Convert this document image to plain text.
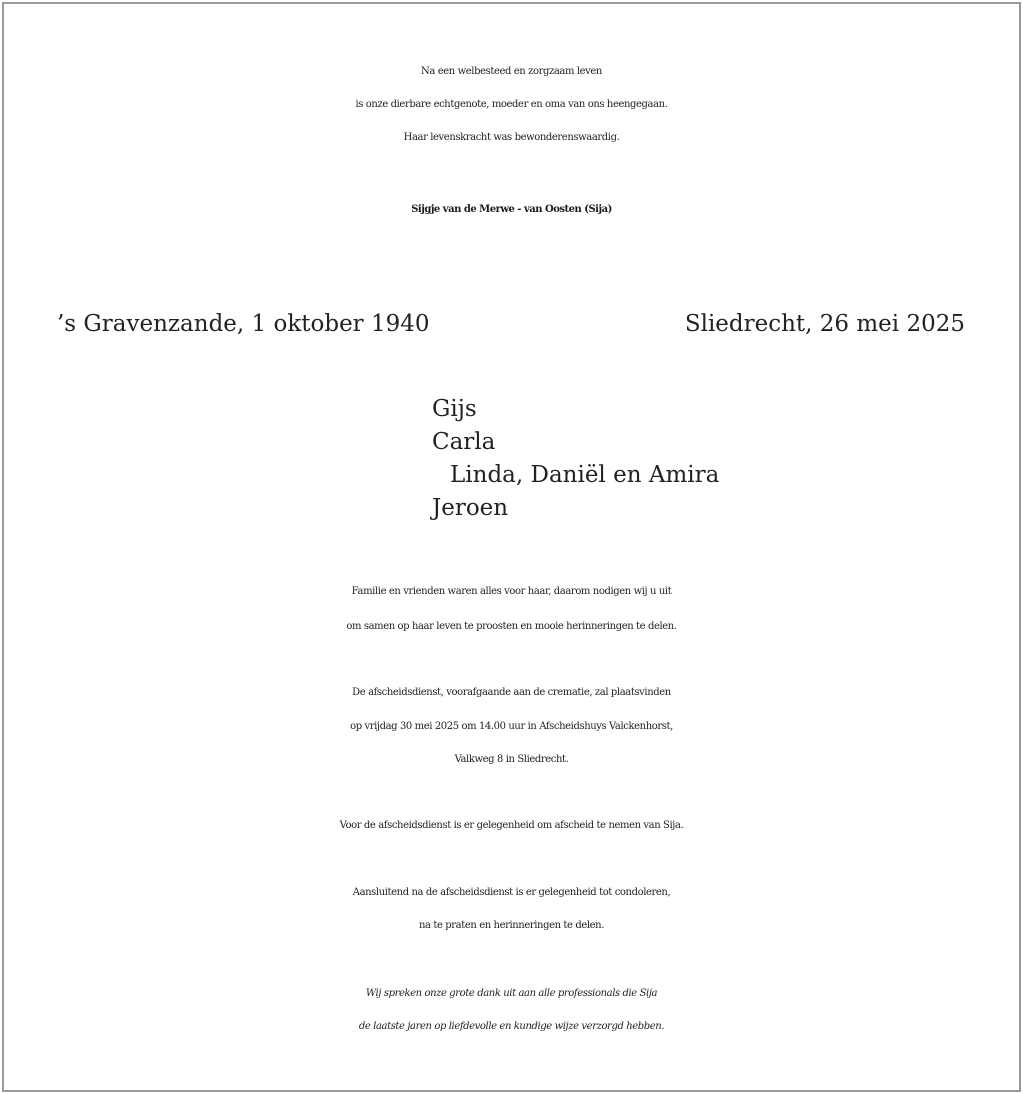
Na een welbesteed en zorgzaam leven
is onze dierbare echtgenote, moeder en oma van ons heengegaan.
Haar levenskracht was bewonderenswaardig.
Sijgje van de Merwe - van Oosten (Sija)
’s Gravenzande, 1 oktober 1940	Sliedrecht, 26 mei 2025
Gijs
Carla
Linda, Daniël en Amira
Jeroen
Familie en vrienden waren alles voor haar, daarom nodigen wij u uit
om samen op haar leven te proosten en mooie herinneringen te delen.
De afscheidsdienst, voorafgaande aan de crematie, zal plaatsvinden
op vrijdag 30 mei 2025 om 14.00 uur in Afscheidshuys Valckenhorst,
Valkweg 8 in Sliedrecht.
Voor de afscheidsdienst is er gelegenheid om afscheid te nemen van Sija.
Aansluitend na de afscheidsdienst is er gelegenheid tot condoleren,
na te praten en herinneringen te delen.
Wij spreken onze grote dank uit aan alle professionals die Sija
de laatste jaren op liefdevolle en kundige wijze verzorgd hebben.
